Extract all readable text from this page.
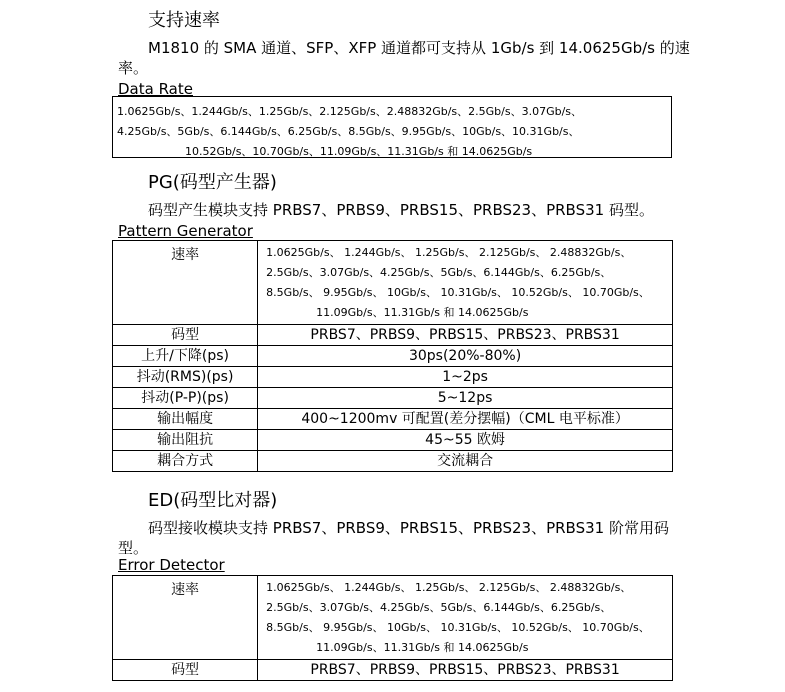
支持速率
M1810 的 SMA 通道、SFP、XFP 通道都可支持从 1Gb/s 到 14.0625Gb/s 的速
率。
Data Rate
1.0625Gb/s、1.244Gb/s、1.25Gb/s、2.125Gb/s、2.48832Gb/s、2.5Gb/s、3.07Gb/s、
4.25Gb/s、5Gb/s、6.144Gb/s、6.25Gb/s、8.5Gb/s、9.95Gb/s、10Gb/s、10.31Gb/s、
10.52Gb/s、10.70Gb/s、11.09Gb/s、11.31Gb/s 和 14.0625Gb/s
PG(码型产生器)
码型产生模块支持 PRBS7、PRBS9、PRBS15、PRBS23、PRBS31 码型。
Pattern Generator
速率	1.0625Gb/s、 1.244Gb/s、 1.25Gb/s、 2.125Gb/s、 2.48832Gb/s、
2.5Gb/s、3.07Gb/s、4.25Gb/s、5Gb/s、6.144Gb/s、6.25Gb/s、
8.5Gb/s、 9.95Gb/s、 10Gb/s、 10.31Gb/s、 10.52Gb/s、 10.70Gb/s、
11.09Gb/s、11.31Gb/s 和 14.0625Gb/s

码型	PRBS7、PRBS9、PRBS15、PRBS23、PRBS31
上升/下降(ps)	30ps(20%-80%)
抖动(RMS)(ps)	1~2ps
抖动(P-P)(ps)	5~12ps
输出幅度	400~1200mv 可配置(差分摆幅)（CML 电平标准）
输出阻抗	45~55 欧姆
耦合方式	交流耦合
ED(码型比对器)
码型接收模块支持 PRBS7、PRBS9、PRBS15、PRBS23、PRBS31 阶常用码
型。
Error Detector
速率	1.0625Gb/s、 1.244Gb/s、 1.25Gb/s、 2.125Gb/s、 2.48832Gb/s、
2.5Gb/s、3.07Gb/s、4.25Gb/s、5Gb/s、6.144Gb/s、6.25Gb/s、
8.5Gb/s、 9.95Gb/s、 10Gb/s、 10.31Gb/s、 10.52Gb/s、 10.70Gb/s、
11.09Gb/s、11.31Gb/s 和 14.0625Gb/s

码型	PRBS7、PRBS9、PRBS15、PRBS23、PRBS31
